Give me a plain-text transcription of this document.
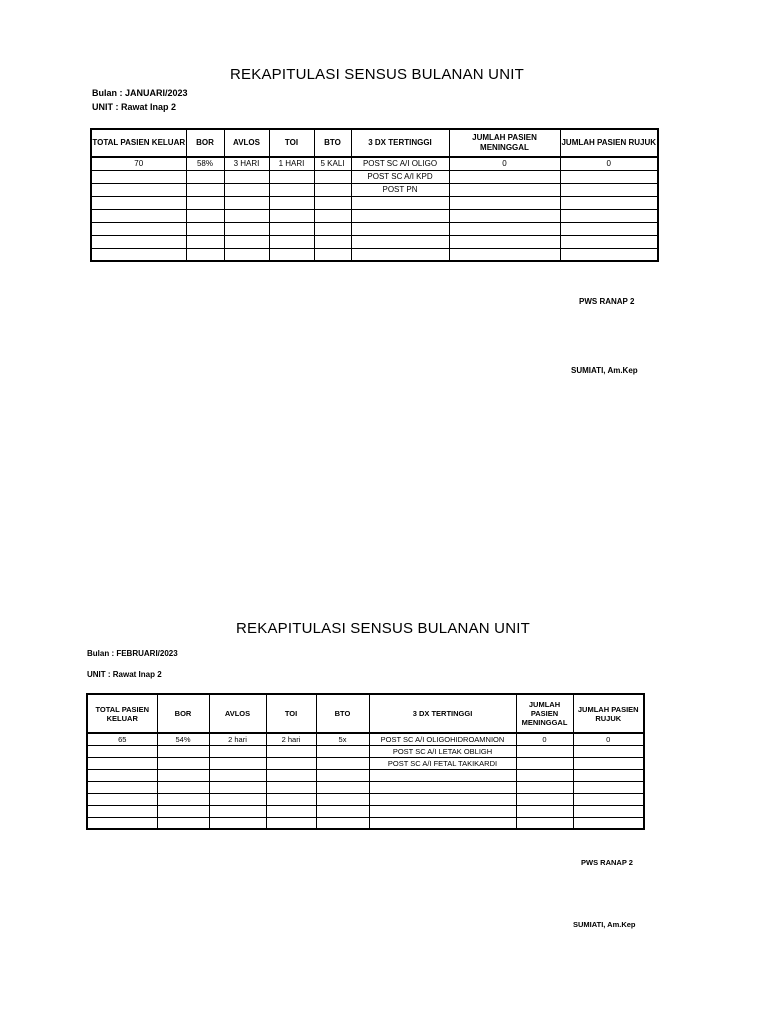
REKAPITULASI SENSUS BULANAN UNIT
Bulan : JANUARI/2023
UNIT : Rawat Inap 2
TOTAL PASIEN KELUAR	BOR	AVLOS	TOI	BTO	3 DX TERTINGGI	JUMLAH PASIEN MENINGGAL	JUMLAH PASIEN RUJUK
70	58%	3 HARI	1 HARI	5 KALI	POST SC A/I OLIGO	0	0
					POST SC A/I KPD		
					POST PN		

PWS RANAP 2
SUMIATI, Am.Kep
REKAPITULASI SENSUS BULANAN UNIT
Bulan : FEBRUARI/2023
UNIT : Rawat Inap 2
TOTAL PASIEN KELUAR	BOR	AVLOS	TOI	BTO	3 DX TERTINGGI	JUMLAH PASIEN MENINGGAL	JUMLAH PASIEN RUJUK
65	54%	2 hari	2 hari	5x	POST SC A/I OLIGOHIDROAMNION	0	0
					POST SC A/I LETAK OBLIGH		
					POST SC A/I FETAL TAKIKARDI		

PWS RANAP 2
SUMIATI, Am.Kep
